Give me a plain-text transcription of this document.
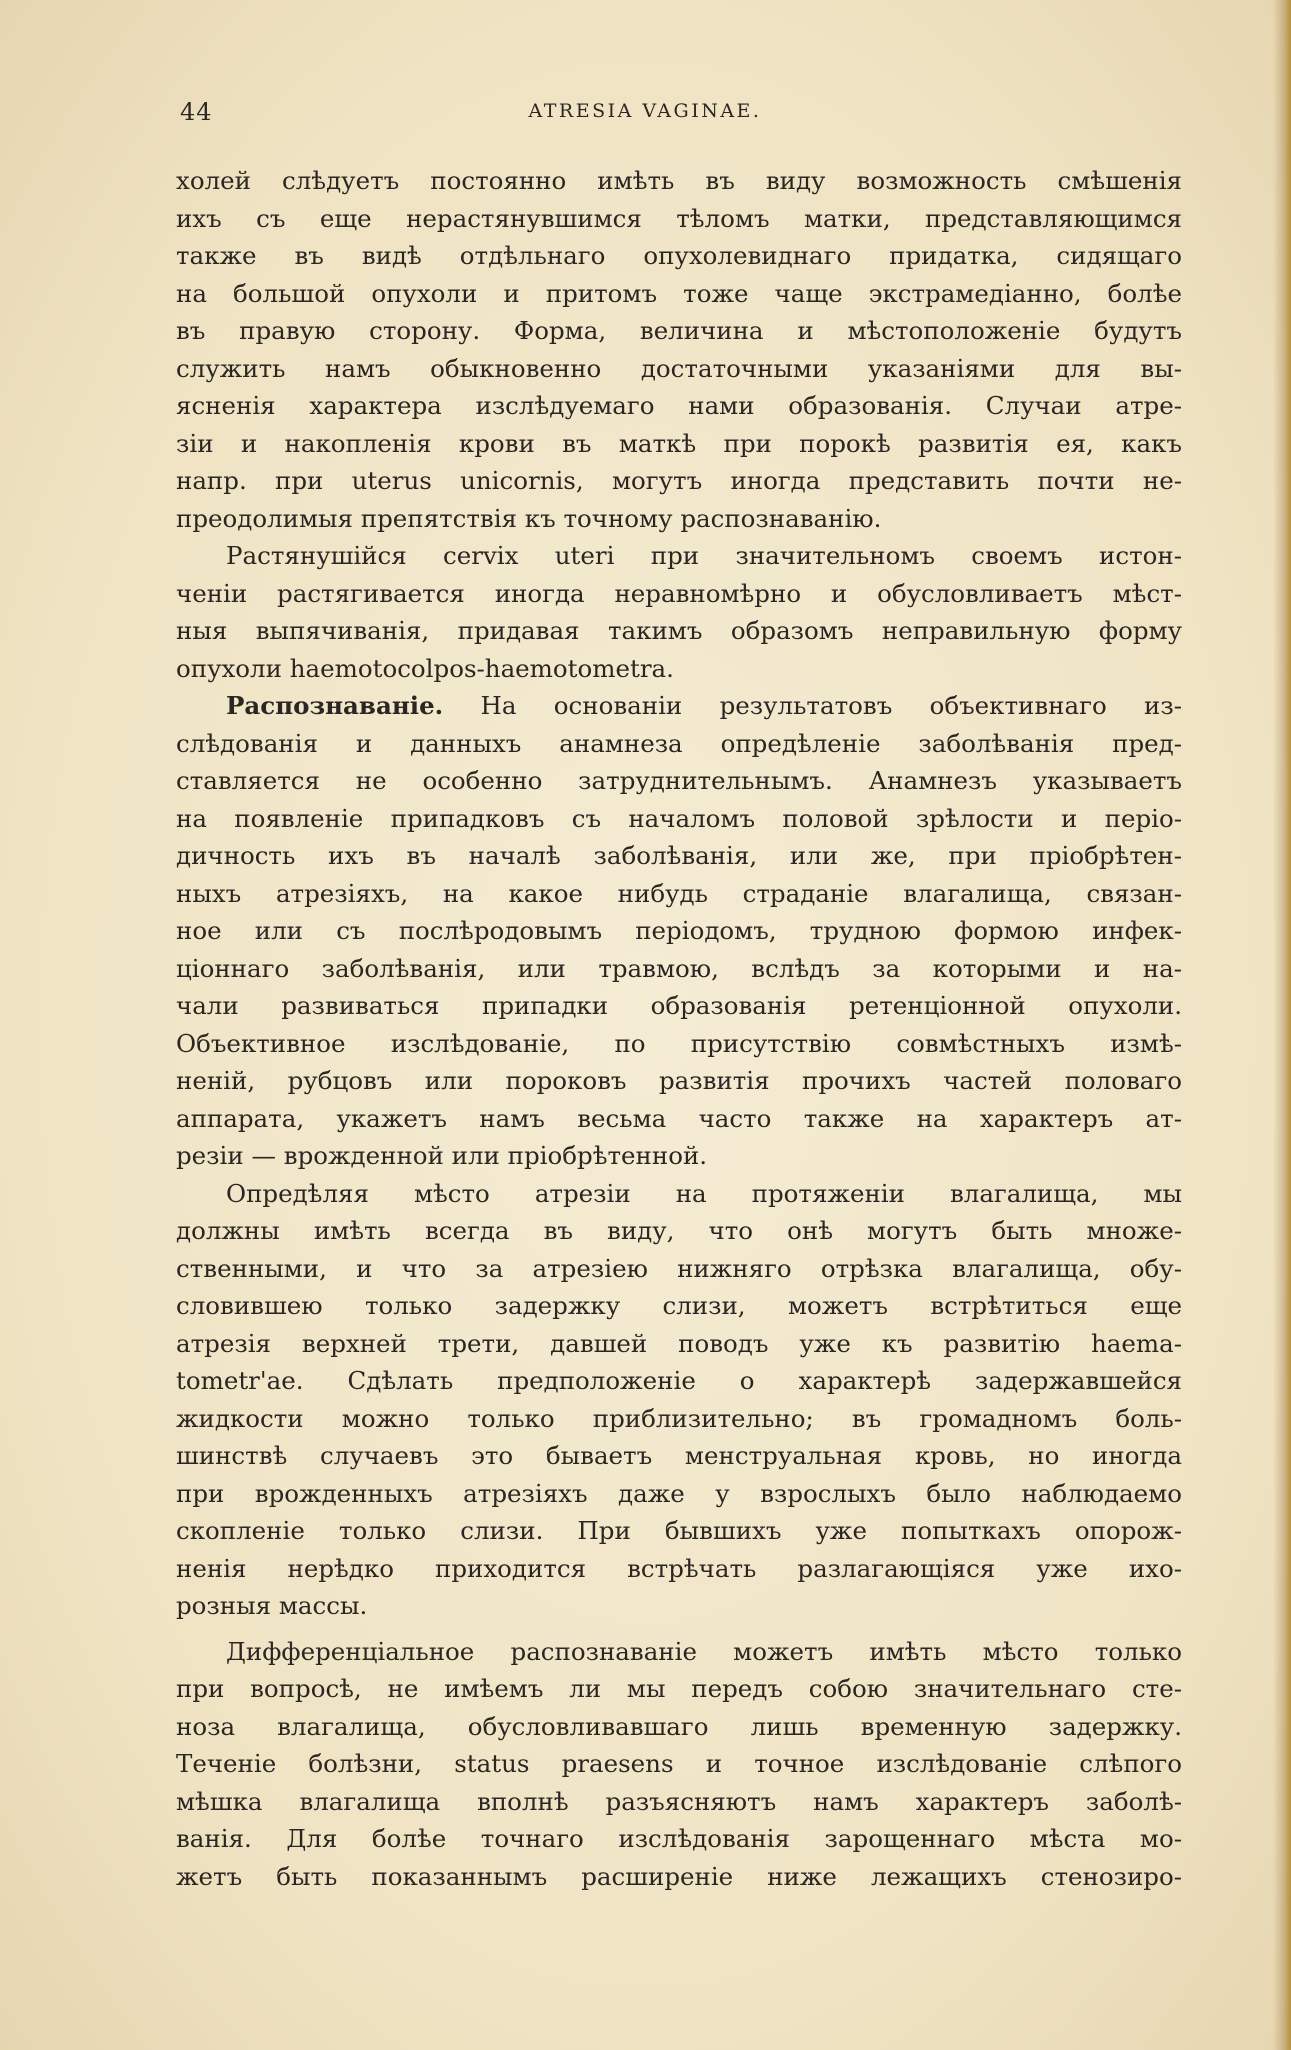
44	ATRESIA VAGINAE.
холей слѣдуетъ постоянно имѣть въ виду возможность смѣшенія
ихъ съ еще нерастянувшимся тѣломъ матки, представляющимся
также въ видѣ отдѣльнаго опухолевиднаго придатка, сидящаго
на большой опухоли и притомъ тоже чаще экстрамедіанно, болѣе
въ правую сторону. Форма, величина и мѣстоположеніе будутъ
служить намъ обыкновенно достаточными указаніями для вы-
ясненія характера изслѣдуемаго нами образованія. Случаи атре-
зіи и накопленія крови въ маткѣ при порокѣ развитія ея, какъ
напр. при uterus unicornis, могутъ иногда представить почти не-
преодолимыя препятствія къ точному распознаванію.
Растянушійся cervix uteri при значительномъ своемъ истон-
ченіи растягивается иногда неравномѣрно и обусловливаетъ мѣст-
ныя выпячиванія, придавая такимъ образомъ неправильную форму
опухоли haemotocolpos-haemotometra.
Распознаваніе. На основаніи результатовъ объективнаго из-
слѣдованія и данныхъ анамнеза опредѣленіе заболѣванія пред-
ставляется не особенно затруднительнымъ. Анамнезъ указываетъ
на появленіе припадковъ съ началомъ половой зрѣлости и періо-
дичность ихъ въ началѣ заболѣванія, или же, при пріобрѣтен-
ныхъ атрезіяхъ, на какое нибудь страданіе влагалища, связан-
ное или съ послѣродовымъ періодомъ, трудною формою инфек-
ціоннаго заболѣванія, или травмою, вслѣдъ за которыми и на-
чали развиваться припадки образованія ретенціонной опухоли.
Объективное изслѣдованіе, по присутствію совмѣстныхъ измѣ-
неній, рубцовъ или пороковъ развитія прочихъ частей половаго
аппарата, укажетъ намъ весьма часто также на характеръ ат-
резіи — врожденной или пріобрѣтенной.
Опредѣляя мѣсто атрезіи на протяженіи влагалища, мы
должны имѣть всегда въ виду, что онѣ могутъ быть множе-
ственными, и что за атрезіею нижняго отрѣзка влагалища, обу-
словившею только задержку слизи, можетъ встрѣтиться еще
атрезія верхней трети, давшей поводъ уже къ развитію haema-
tometr'ae. Сдѣлать предположеніе о характерѣ задержавшейся
жидкости можно только приблизительно; въ громадномъ боль-
шинствѣ случаевъ это бываетъ менструальная кровь, но иногда
при врожденныхъ атрезіяхъ даже у взрослыхъ было наблюдаемо
скопленіе только слизи. При бывшихъ уже попыткахъ опорож-
ненія нерѣдко приходится встрѣчать разлагающіяся уже ихо-
розныя массы.
Дифференціальное распознаваніе можетъ имѣть мѣсто только
при вопросѣ, не имѣемъ ли мы передъ собою значительнаго сте-
ноза влагалища, обусловливавшаго лишь временную задержку.
Теченіе болѣзни, status praesens и точное изслѣдованіе слѣпого
мѣшка влагалища вполнѣ разъясняютъ намъ характеръ заболѣ-
ванія. Для болѣе точнаго изслѣдованія зарощеннаго мѣста мо-
жетъ быть показаннымъ расширеніе ниже лежащихъ стенозиро-
